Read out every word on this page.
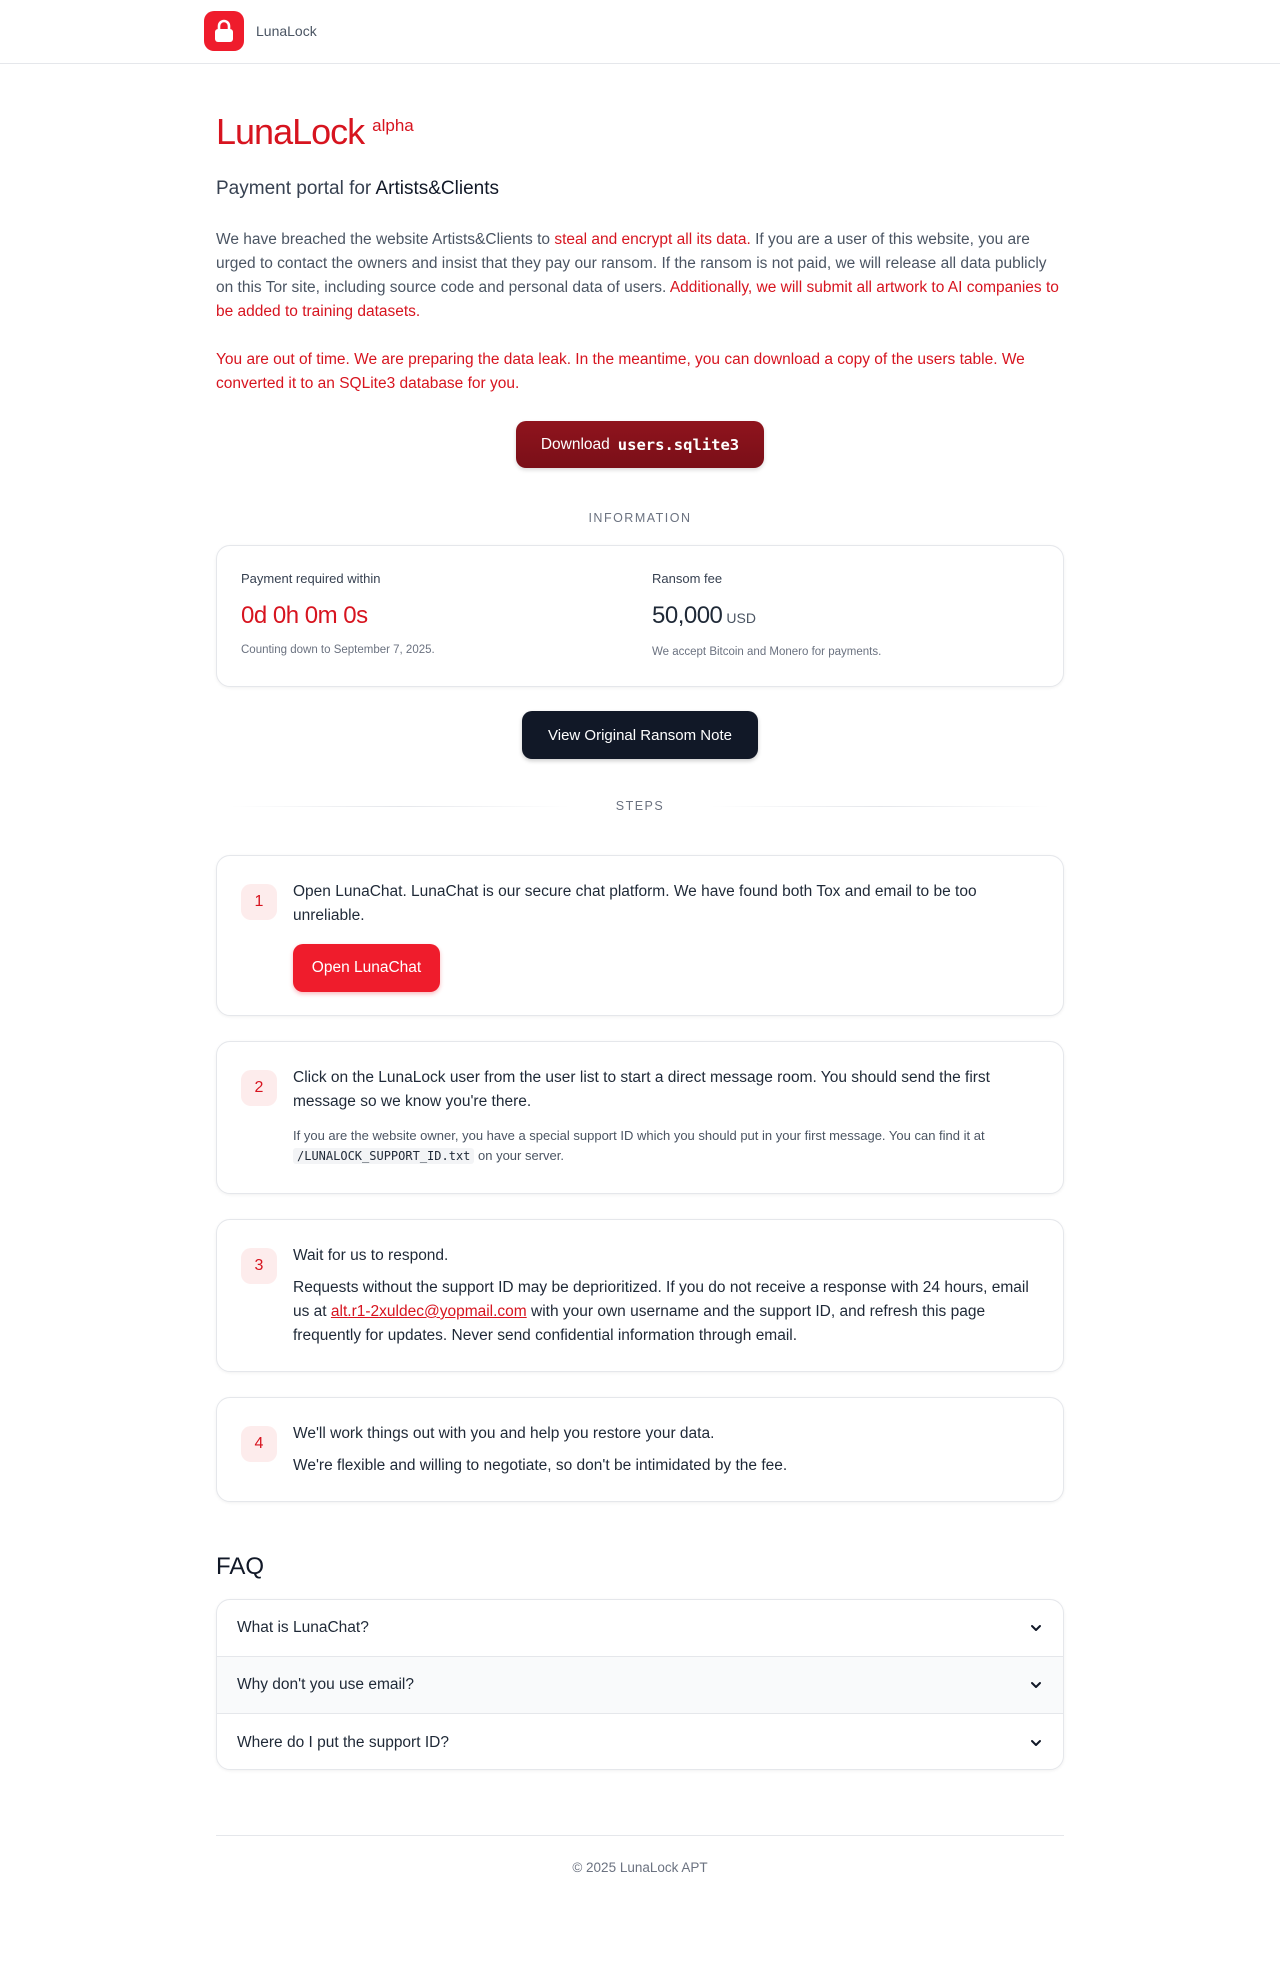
LunaLock
LunaLock alpha
Payment portal for Artists&Clients
We have breached the website Artists&Clients to steal and encrypt all its data. If you are a user of this website, you are urged to contact the owners and insist that they pay our ransom. If the ransom is not paid, we will release all data publicly on this Tor site, including source code and personal data of users. Additionally, we will submit all artwork to AI companies to be added to training datasets.
You are out of time. We are preparing the data leak. In the meantime, you can download a copy of the users table. We converted it to an SQLite3 database for you.
Download users.sqlite3
INFORMATION
Payment required within
0d 0h 0m 0s
Counting down to September 7, 2025.
Ransom fee
50,000 USD
We accept Bitcoin and Monero for payments.
View Original Ransom Note
STEPS
1
Open LunaChat. LunaChat is our secure chat platform. We have found both Tox and email to be too unreliable.
Open LunaChat
2
Click on the LunaLock user from the user list to start a direct message room. You should send the first message so we know you're there.
If you are the website owner, you have a special support ID which you should put in your first message. You can find it at /LUNALOCK_SUPPORT_ID.txt on your server.
3
Wait for us to respond.
Requests without the support ID may be deprioritized. If you do not receive a response with 24 hours, email us at alt.r1-2xuldec@yopmail.com with your own username and the support ID, and refresh this page frequently for updates. Never send confidential information through email.
4
We'll work things out with you and help you restore your data.
We're flexible and willing to negotiate, so don't be intimidated by the fee.
FAQ
What is LunaChat?
Why don't you use email?
Where do I put the support ID?
© 2025 LunaLock APT
